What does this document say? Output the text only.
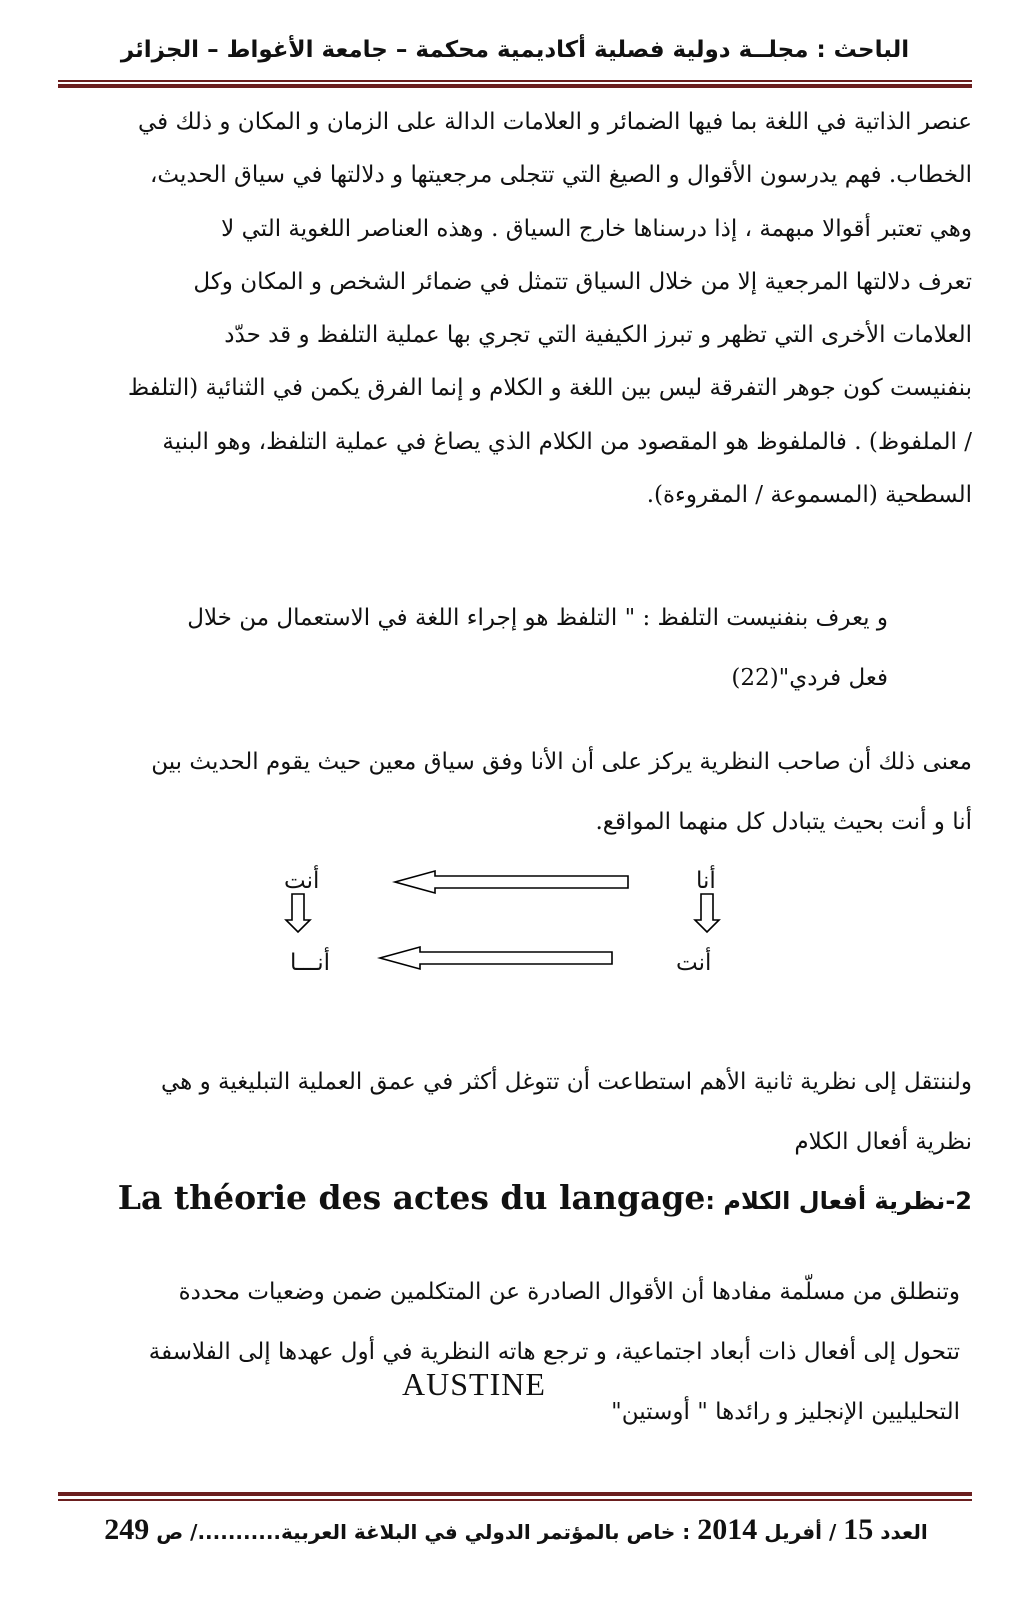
الباحث : مجلــة دولية فصلية أكاديمية محكمة – جامعة الأغواط – الجزائر
عنصر الذاتية في اللغة بما فيها الضمائر و العلامات الدالة على الزمان و المكان و ذلك في
الخطاب. فهم يدرسون الأقوال و الصيغ التي تتجلى مرجعيتها و دلالتها في سياق الحديث،
وهي تعتبر أقوالا مبهمة ، إذا درسناها خارج السياق . وهذه العناصر اللغوية التي لا
تعرف دلالتها المرجعية إلا من خلال السياق تتمثل في ضمائر الشخص و المكان وكل
العلامات الأخرى التي تظهر و تبرز الكيفية التي تجري بها عملية التلفظ و قد حدّد
بنفنيست كون جوهر التفرقة ليس بين اللغة و الكلام و إنما الفرق يكمن في الثنائية (التلفظ
/ الملفوظ) . فالملفوظ هو المقصود من الكلام الذي يصاغ في عملية التلفظ، وهو البنية
السطحية (المسموعة / المقروءة).
و يعرف بنفنيست التلفظ : " التلفظ هو إجراء اللغة في الاستعمال من خلال
فعل فردي"(22)
معنى ذلك أن صاحب النظرية يركز على أن الأنا وفق سياق معين حيث يقوم الحديث بين
أنا و أنت بحيث يتبادل كل منهما المواقع.
أنا
أنت
أنت
أنـــا
ولننتقل إلى نظرية ثانية الأهم استطاعت أن تتوغل أكثر في عمق العملية التبليغية و هي
نظرية أفعال الكلام
2-نظرية أفعال الكلام :La théorie des actes du langage
وتنطلق من مسلّمة مفادها أن الأقوال الصادرة عن المتكلمين ضمن وضعيات محددة
تتحول إلى أفعال ذات أبعاد اجتماعية، و ترجع هاته النظرية في أول عهدها إلى الفلاسفة
التحليليين الإنجليز و رائدها " أوستين"
AUSTINE
العدد 15 / أفريل 2014 : خاص بالمؤتمر الدولي في البلاغة العربية.........../ ص 249
